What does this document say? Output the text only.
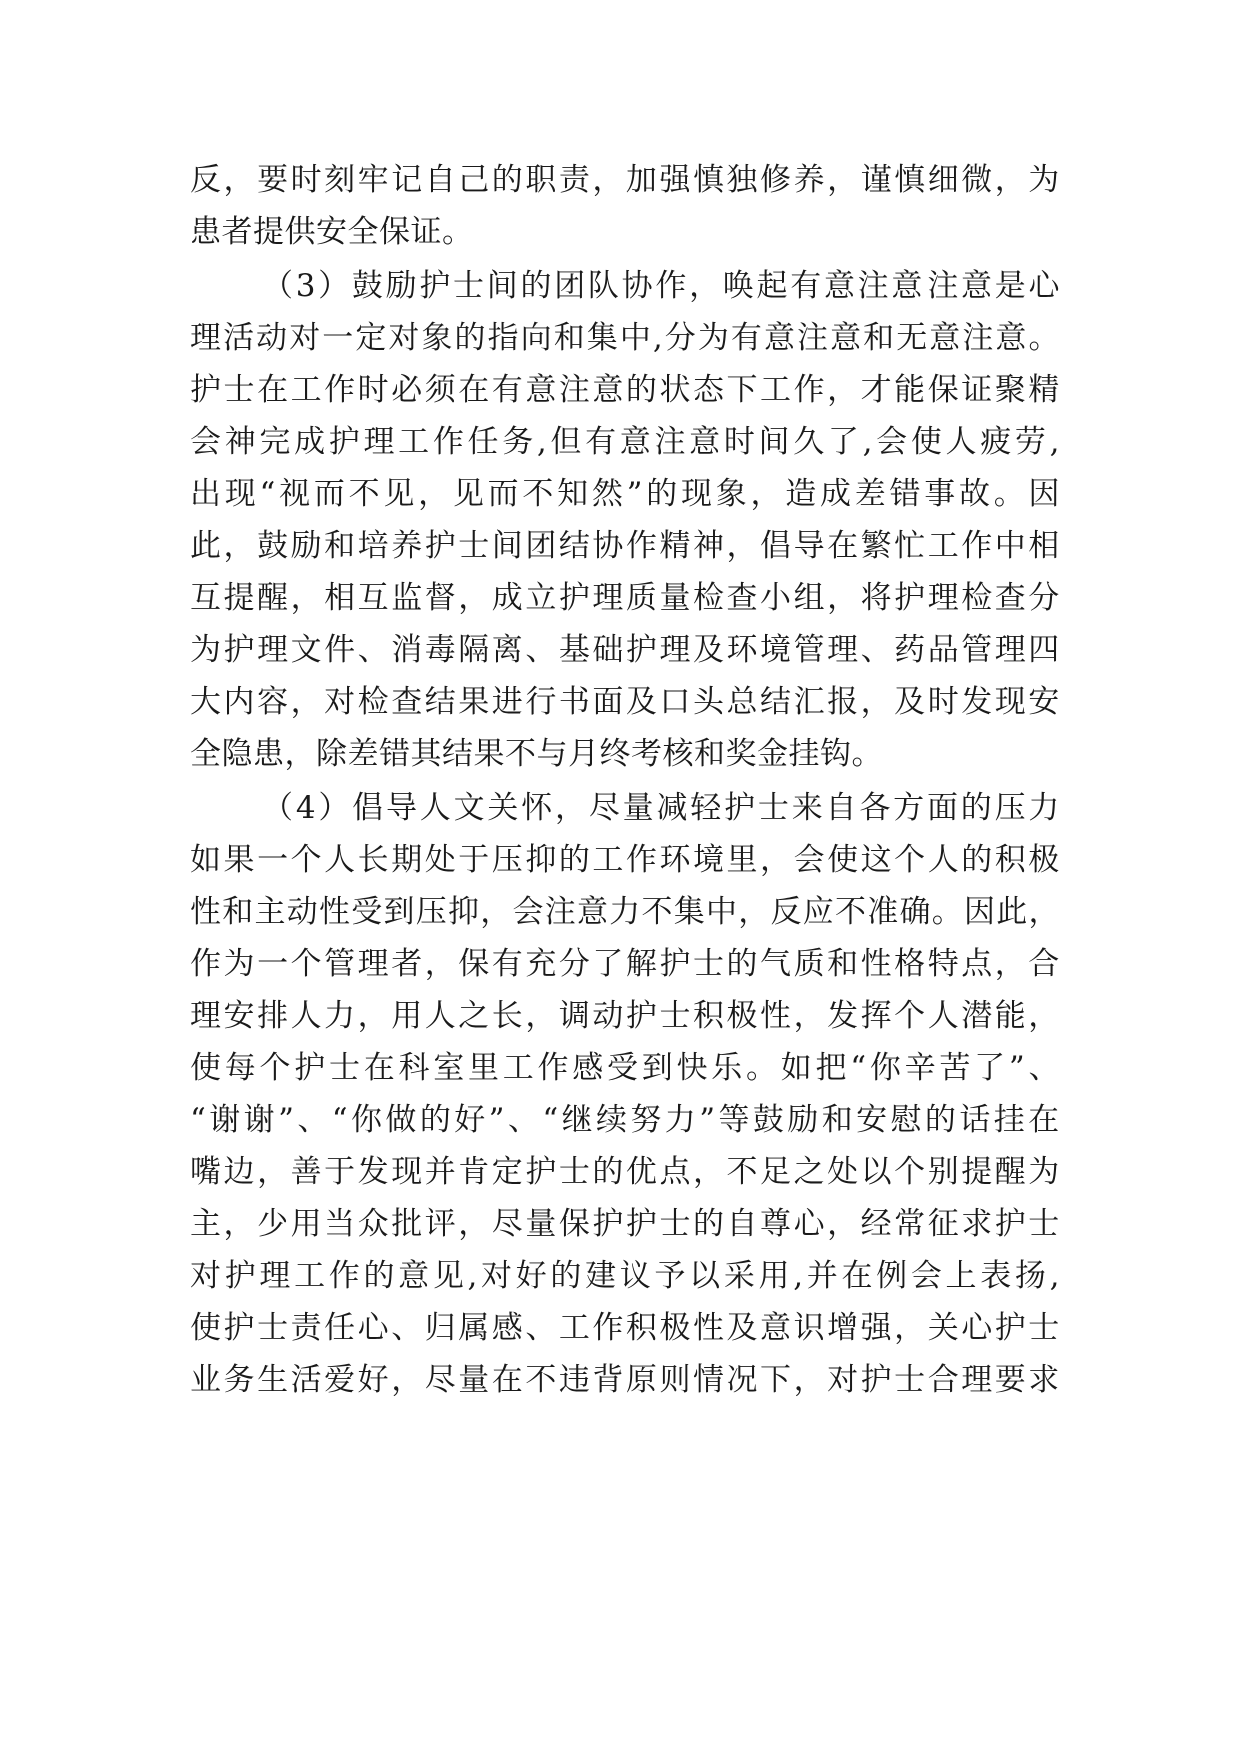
反 ， 要 时 刻 牢 记 自 己 的 职 责 ， 加 强 慎 独 修 养 ， 谨 慎 细 微 ， 为
患者提供安全保证。
（ 3 ） 鼓 励 护 士 间 的 团 队 协 作 ， 唤 起 有 意 注 意 注 意 是 心
理 活 动 对 一 定 对 象 的 指 向 和 集 中 , 分 为 有 意 注 意 和 无 意 注 意 。
护 士 在 工 作 时 必 须 在 有 意 注 意 的 状 态 下 工 作 ， 才 能 保 证 聚 精
会 神 完 成 护 理 工 作 任 务 , 但 有 意 注 意 时 间 久 了 , 会 使 人 疲 劳 ,
出 现 “ 视 而 不 见 ， 见 而 不 知 然 ” 的 现 象 ， 造 成 差 错 事 故 。 因
此 ， 鼓 励 和 培 养 护 士 间 团 结 协 作 精 神 ， 倡 导 在 繁 忙 工 作 中 相
互 提 醒 ， 相 互 监 督 ， 成 立 护 理 质 量 检 查 小 组 ， 将 护 理 检 查 分
为 护 理 文 件 、 消 毒 隔 离 、 基 础 护 理 及 环 境 管 理 、 药 品 管 理 四
大 内 容 ， 对 检 查 结 果 进 行 书 面 及 口 头 总 结 汇 报 ， 及 时 发 现 安
全隐患，除差错其结果不与月终考核和奖金挂钩。
（ 4 ） 倡 导 人 文 关 怀 ， 尽 量 减 轻 护 士 来 自 各 方 面 的 压 力
如 果 一 个 人 长 期 处 于 压 抑 的 工 作 环 境 里 ， 会 使 这 个 人 的 积 极
性 和 主 动 性 受 到 压 抑 ， 会 注 意 力 不 集 中 ， 反 应 不 准 确 。 因 此 ，
作 为 一 个 管 理 者 ， 保 有 充 分 了 解 护 士 的 气 质 和 性 格 特 点 ， 合
理 安 排 人 力 ， 用 人 之 长 ， 调 动 护 士 积 极 性 ， 发 挥 个 人 潜 能 ，
使 每 个 护 士 在 科 室 里 工 作 感 受 到 快 乐 。 如 把 “ 你 辛 苦 了 ” 、
“ 谢 谢 ” 、 “ 你 做 的 好 ” 、 “ 继 续 努 力 ” 等 鼓 励 和 安 慰 的 话 挂 在
嘴 边 ， 善 于 发 现 并 肯 定 护 士 的 优 点 ， 不 足 之 处 以 个 别 提 醒 为
主 ， 少 用 当 众 批 评 ， 尽 量 保 护 护 士 的 自 尊 心 ， 经 常 征 求 护 士
对 护 理 工 作 的 意 见 , 对 好 的 建 议 予 以 采 用 , 并 在 例 会 上 表 扬 ,
使 护 士 责 任 心 、 归 属 感 、 工 作 积 极 性 及 意 识 增 强 ， 关 心 护 士
业 务 生 活 爱 好 ， 尽 量 在 不 违 背 原 则 情 况 下 ， 对 护 士 合 理 要 求
